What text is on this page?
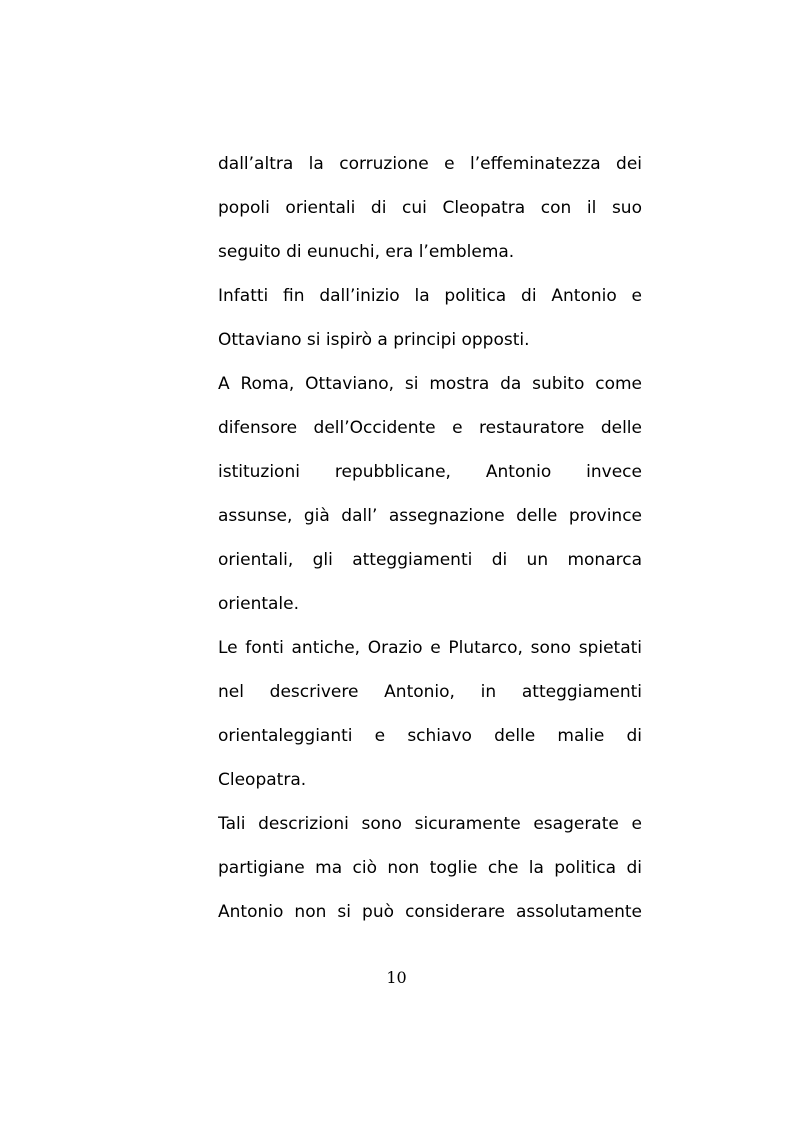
dall’altra la corruzione e l’effeminatezza dei
popoli orientali di cui Cleopatra con il suo
seguito di eunuchi, era l’emblema.
Infatti fin dall’inizio la politica di Antonio e
Ottaviano si ispirò a principi opposti.
A Roma, Ottaviano, si mostra da subito come
difensore dell’Occidente e restauratore delle
istituzioni repubblicane, Antonio invece
assunse, già dall’ assegnazione delle province
orientali, gli atteggiamenti di un monarca
orientale.
Le fonti antiche, Orazio e Plutarco, sono spietati
nel descrivere Antonio, in atteggiamenti
orientaleggianti e schiavo delle malie di
Cleopatra.
Tali descrizioni sono sicuramente esagerate e
partigiane ma ciò non toglie che la politica di
Antonio non si può considerare assolutamente
10
